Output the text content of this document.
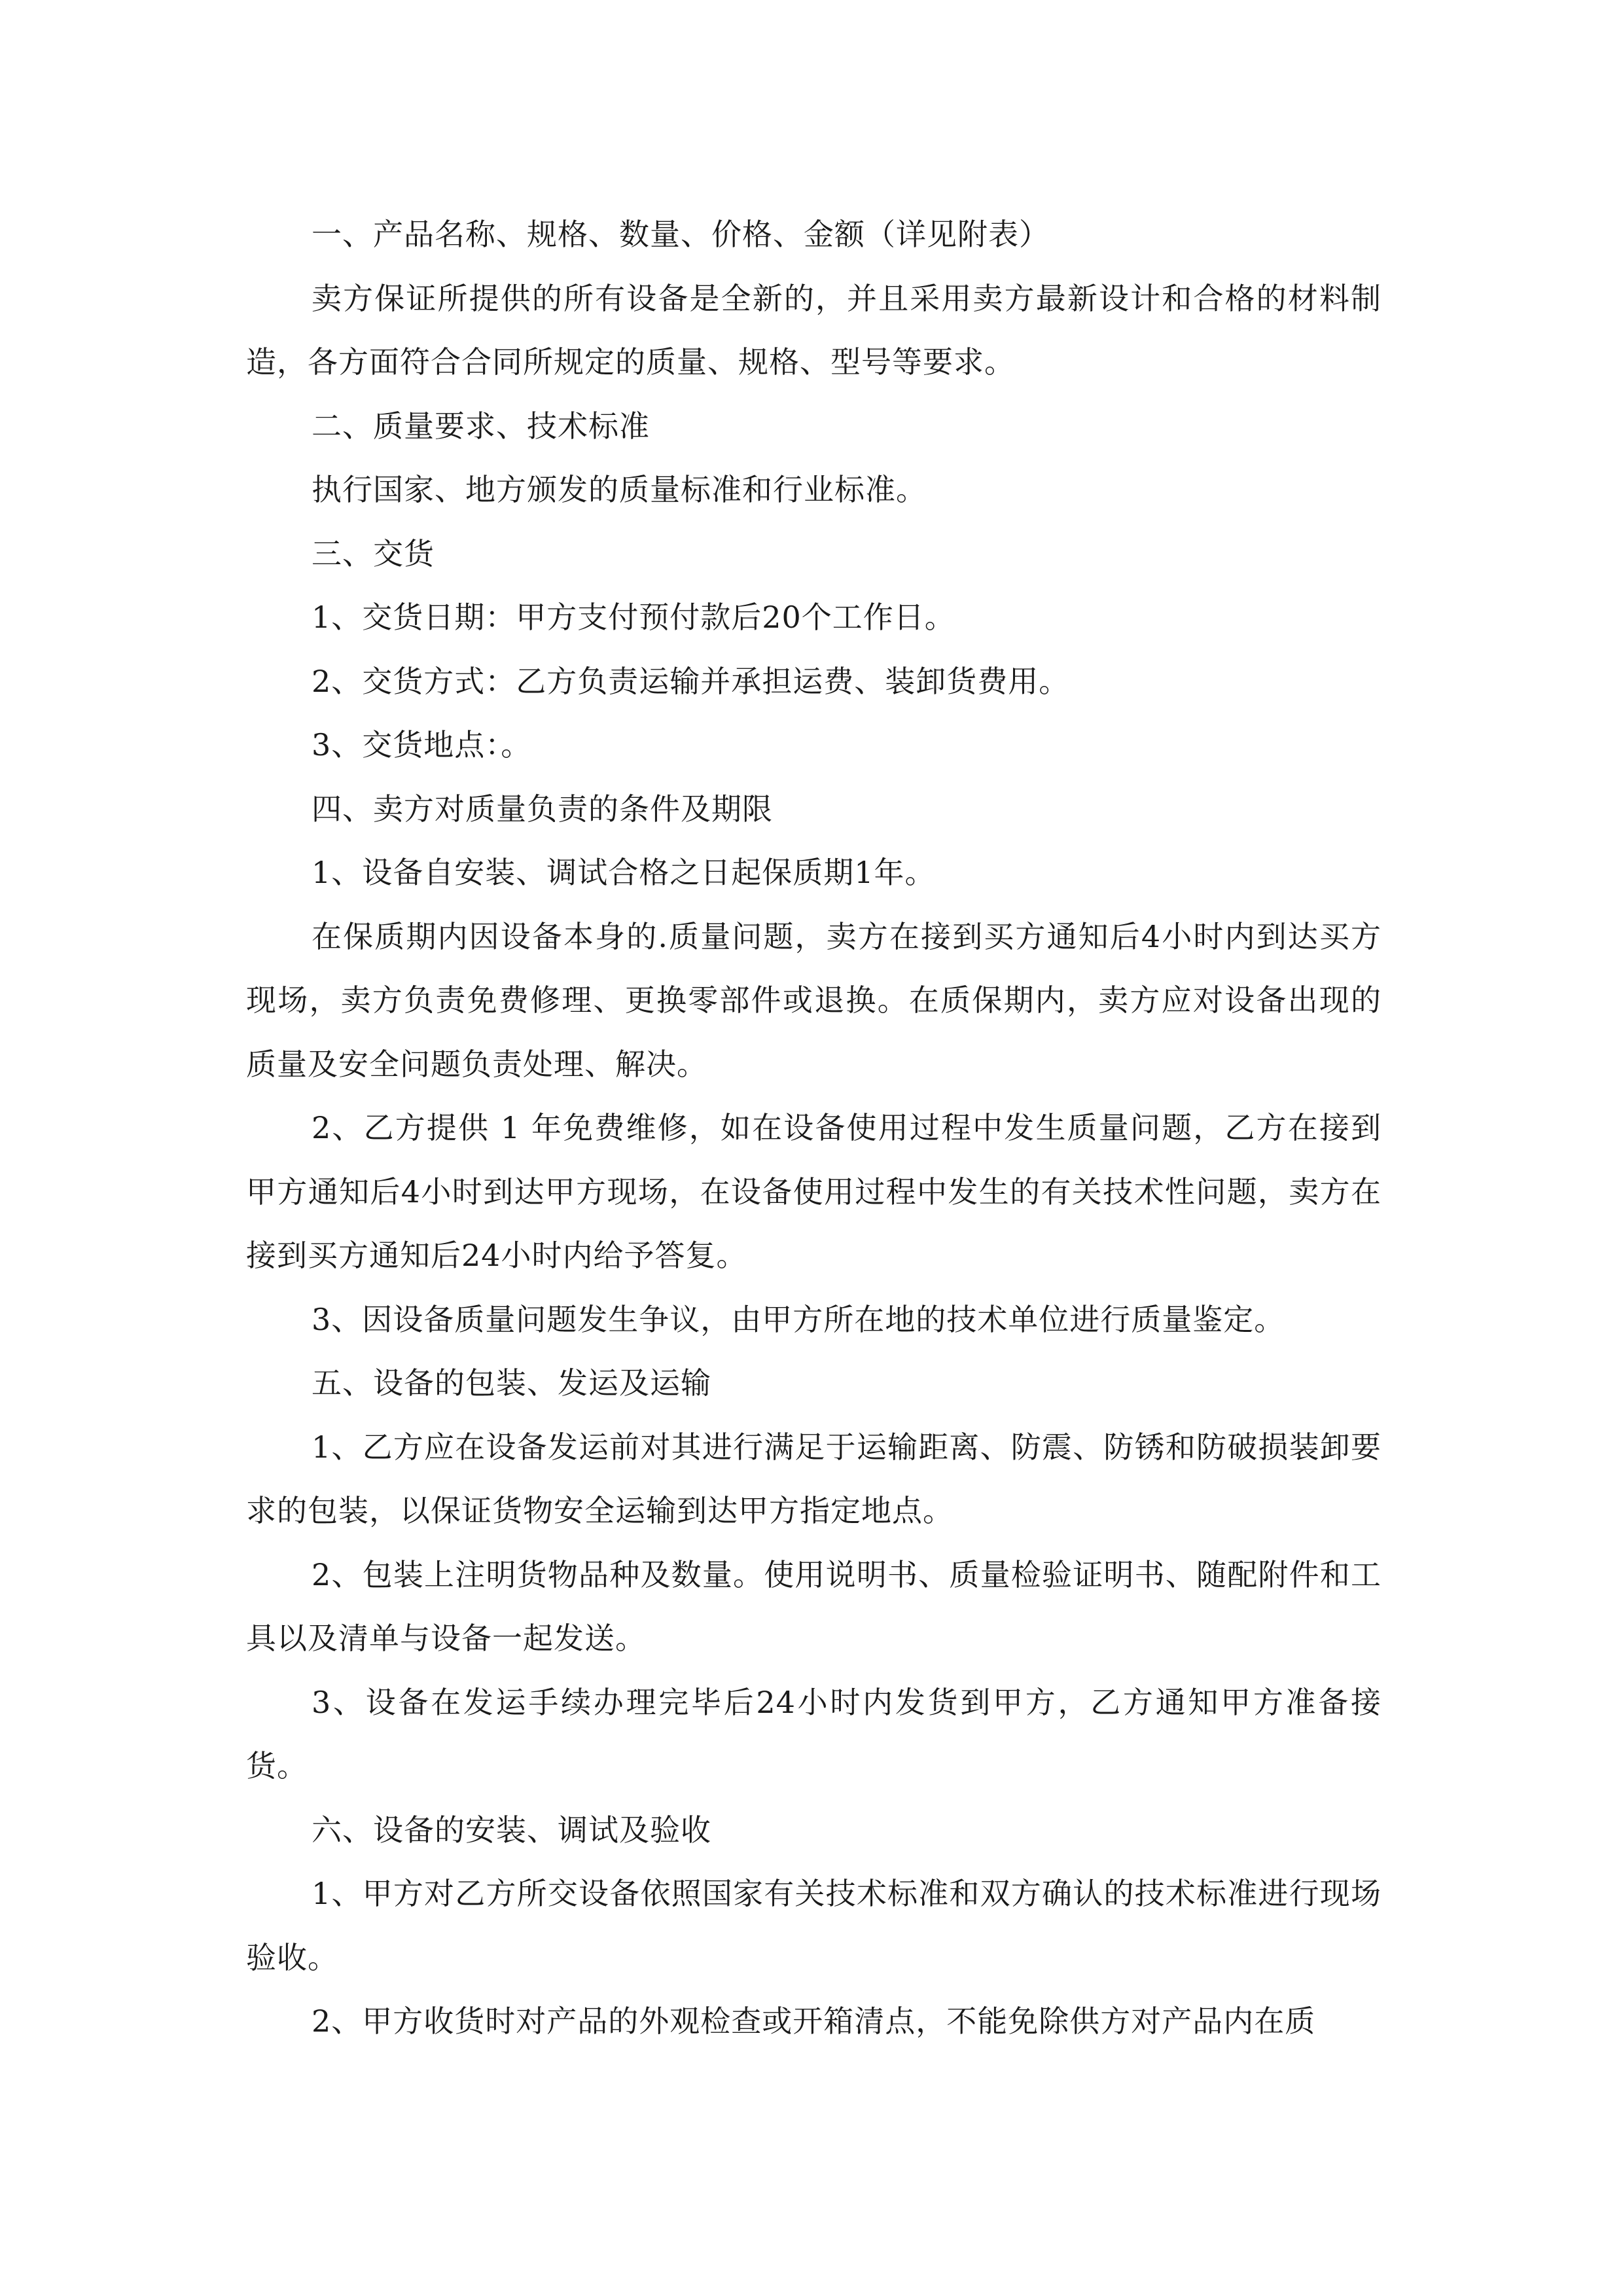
一、产品名称、规格、数量、价格、金额（详见附表）

卖方保证所提供的所有设备是全新的，并且采用卖方最新设计和合格的材料制造，各方面符合合同所规定的质量、规格、型号等要求。

二、质量要求、技术标准

执行国家、地方颁发的质量标准和行业标准。

三、交货

1、交货日期：甲方支付预付款后20个工作日。

2、交货方式：乙方负责运输并承担运费、装卸货费用。

3、交货地点：。

四、卖方对质量负责的条件及期限

1、设备自安装、调试合格之日起保质期1年。

在保质期内因设备本身的.质量问题，卖方在接到买方通知后4小时内到达买方现场，卖方负责免费修理、更换零部件或退换。在质保期内，卖方应对设备出现的质量及安全问题负责处理、解决。

2、乙方提供 1 年免费维修，如在设备使用过程中发生质量问题，乙方在接到甲方通知后4小时到达甲方现场，在设备使用过程中发生的有关技术性问题，卖方在接到买方通知后24小时内给予答复。

3、因设备质量问题发生争议，由甲方所在地的技术单位进行质量鉴定。

五、设备的包装、发运及运输

1、乙方应在设备发运前对其进行满足于运输距离、防震、防锈和防破损装卸要求的包装，以保证货物安全运输到达甲方指定地点。

2、包装上注明货物品种及数量。使用说明书、质量检验证明书、随配附件和工具以及清单与设备一起发送。

3、设备在发运手续办理完毕后24小时内发货到甲方，乙方通知甲方准备接货。

六、设备的安装、调试及验收

1、甲方对乙方所交设备依照国家有关技术标准和双方确认的技术标准进行现场验收。

2、甲方收货时对产品的外观检查或开箱清点，不能免除供方对产品内在质
